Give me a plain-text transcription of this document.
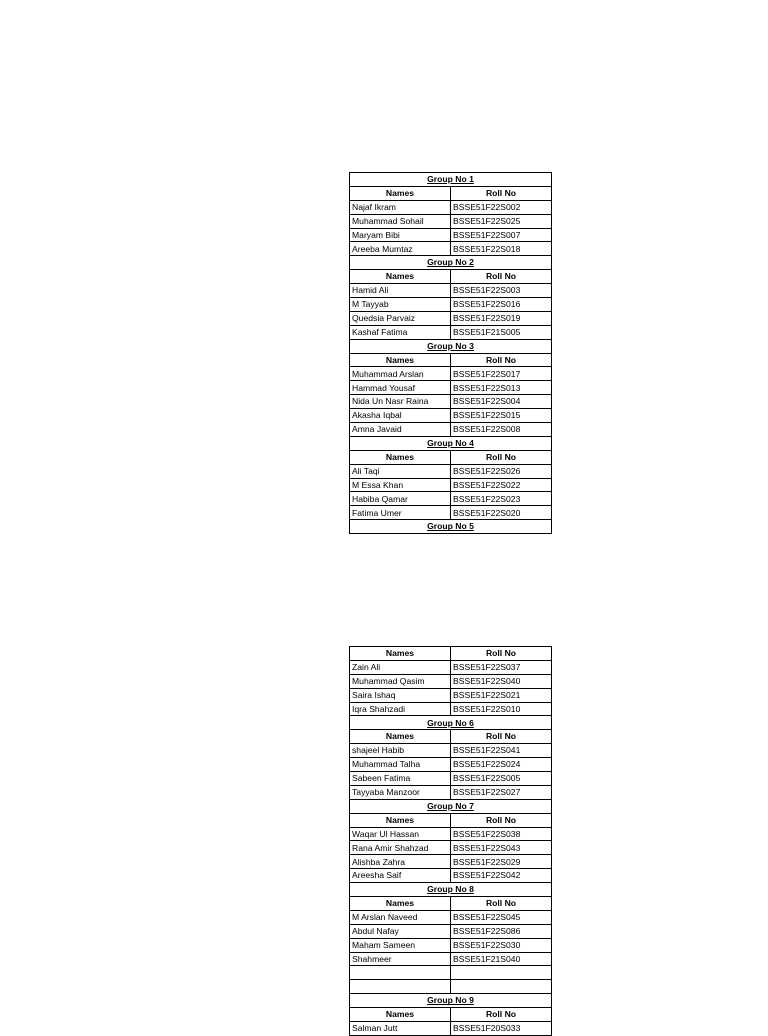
Group No 1	
Names	Roll No
Najaf Ikram	BSSE51F22S002
Muhammad Sohail	BSSE51F22S025
Maryam Bibi	BSSE51F22S007
Areeba Mumtaz	BSSE51F22S018
Group No 2	
Names	Roll No
Hamid Ali	BSSE51F22S003
M Tayyab	BSSE51F22S016
Quedsia Parvaiz	BSSE51F22S019
Kashaf Fatima	BSSE51F21S005
Group No 3	
Names	Roll No
Muhammad Arslan	BSSE51F22S017
Hammad Yousaf	BSSE51F22S013
Nida Un Nasr Raina	BSSE51F22S004
Akasha Iqbal	BSSE51F22S015
Amna Javaid	BSSE51F22S008
Group No 4	
Names	Roll No
Ali Taqi	BSSE51F22S026
M Essa Khan	BSSE51F22S022
Habiba Qamar	BSSE51F22S023
Fatima Umer	BSSE51F22S020
Group No 5	
Names	Roll No
Zain Ali	BSSE51F22S037
Muhammad Qasim	BSSE51F22S040
Saira Ishaq	BSSE51F22S021
Iqra Shahzadi	BSSE51F22S010
Group No 6	
Names	Roll No
shajeel Habib	BSSE51F22S041
Muhammad Talha	BSSE51F22S024
Sabeen Fatima	BSSE51F22S005
Tayyaba Manzoor	BSSE51F22S027
Group No 7	
Names	Roll No
Waqar Ul Hassan	BSSE51F22S038
Rana Amir Shahzad	BSSE51F22S043
Alishba Zahra	BSSE51F22S029
Areesha Saif	BSSE51F22S042
Group No 8	
Names	Roll No
M Arslan Naveed	BSSE51F22S045
Abdul Nafay	BSSE51F22S086
Maham Sameen	BSSE51F22S030
Shahmeer	BSSE51F21S040

Group No 9	
Names	Roll No
Salman Jutt	BSSE51F20S033
